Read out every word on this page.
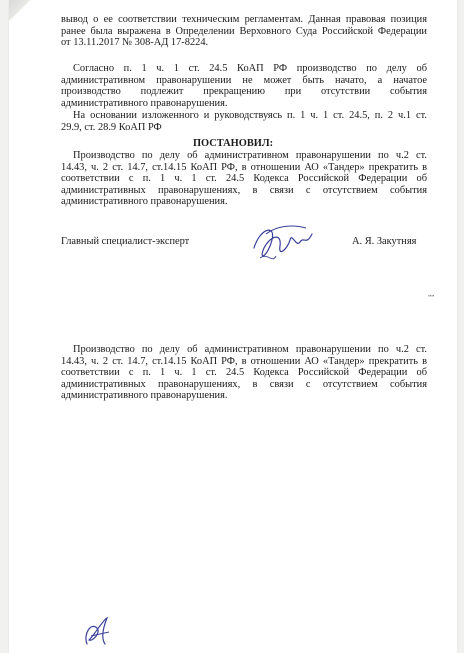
вывод о ее соответствии техническим регламентам. Данная правовая позиция
ранее была выражена в Определении Верховного Суда Российской Федерации
от 13.11.2017 № 308-АД 17-8224.
Согласно п. 1 ч. 1 ст. 24.5 КоАП РФ производство по делу об
административном правонарушении не может быть начато, а начатое
производство подлежит прекращению при отсутствии события
административного правонарушения.
На основании изложенного и руководствуясь п. 1 ч. 1 ст. 24.5, п. 2 ч.1 ст.
29.9, ст. 28.9 КоАП РФ
ПОСТАНОВИЛ:
Производство по делу об административном правонарушении по ч.2 ст.
14.43, ч. 2 ст. 14.7, ст.14.15 КоАП РФ, в отношении АО «Тандер» прекратить в
соответствии с п. 1 ч. 1 ст. 24.5 Кодекса Российской Федерации об
административных правонарушениях, в связи с отсутствием события
административного правонарушения.
Главный специалист-эксперт	А. Я. Закутняя
””
Производство по делу об административном правонарушении по ч.2 ст.
14.43, ч. 2 ст. 14.7, ст.14.15 КоАП РФ, в отношении АО «Тандер» прекратить в
соответствии с п. 1 ч. 1 ст. 24.5 Кодекса Российской Федерации об
административных правонарушениях, в связи с отсутствием события
административного правонарушения.
